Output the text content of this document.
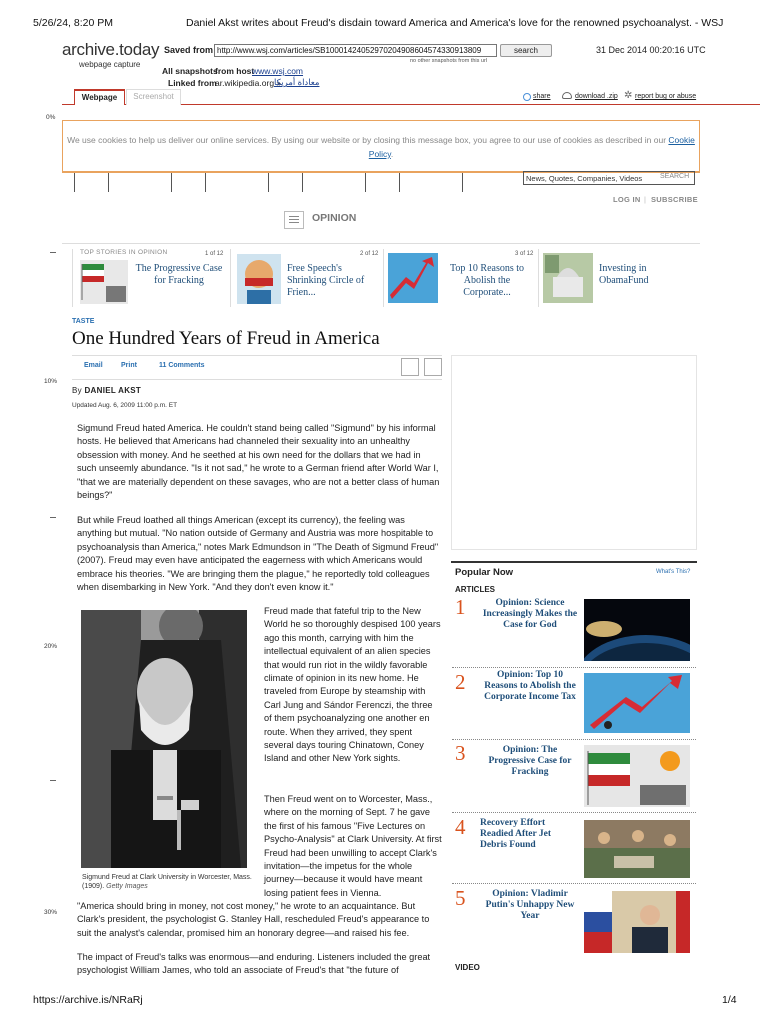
5/26/24, 8:20 PM	Daniel Akst writes about Freud's disdain toward America and America's love for the renowned psychoanalyst. - WSJ
archive.today
webpage capture
Saved from http://www.wsj.com/articles/SB10001424052970204908604574330913809	search
no other snapshots from this url
31 Dec 2014 00:20:16 UTC
All snapshots
from host
www.wsj.com
Linked from
ar.wikipedia.org »
معاداة أمريكا
Webpage	Screenshot	share	download .zip ✲ report bug or abuse
0%
10%
20%
30%
We use cookies to help us deliver our online services. By using our website or by closing this message box, you agree to our use of cookies as described in our Cookie Policy.
News, Quotes, Companies, Videos	SEARCH
LOG IN | SUBSCRIBE
OPINION
TOP STORIES IN OPINION	1 of 12
The Progressive Case for Fracking
2 of 12
Free Speech's Shrinking Circle of Frien...
3 of 12
Top 10 Reasons to Abolish the Corporate...
Investing in ObamaFund
TASTE
One Hundred Years of Freud in America
Email	Print	11 Comments
By DANIEL AKST
Updated Aug. 6, 2009 11:00 p.m. ET
Sigmund Freud hated America. He couldn't stand being called "Sigmund" by his informal hosts. He believed that Americans had channeled their sexuality into an unhealthy obsession with money. And he seethed at his own need for the dollars that we had in such unseemly abundance. "Is it not sad," he wrote to a German friend after World War I, "that we are materially dependent on these savages, who are not a better class of human beings?"
But while Freud loathed all things American (except its currency), the feeling was anything but mutual. "No nation outside of Germany and Austria was more hospitable to psychoanalysis than America," notes Mark Edmundson in "The Death of Sigmund Freud" (2007). Freud may even have anticipated the eagerness with which Americans would embrace his theories. "We are bringing them the plague," he reportedly told colleagues when disembarking in New York. "And they don't even know it."
Sigmund Freud at Clark University in Worcester, Mass. (1909). Getty Images
Freud made that fateful trip to the New World he so thoroughly despised 100 years ago this month, carrying with him the intellectual equivalent of an alien species that would run riot in the wildly favorable climate of opinion in its new home. He traveled from Europe by steamship with Carl Jung and Sándor Ferenczi, the three of them psychoanalyzing one another en route. When they arrived, they spent several days touring Chinatown, Coney Island and other New York sights.
Then Freud went on to Worcester, Mass., where on the morning of Sept. 7 he gave the first of his famous "Five Lectures on Psycho-Analysis" at Clark University. At first Freud had been unwilling to accept Clark's invitation—the impetus for the whole journey—because it would have meant losing patient fees in Vienna.
"America should bring in money, not cost money," he wrote to an acquaintance. But Clark's president, the psychologist G. Stanley Hall, rescheduled Freud's appearance to suit the analyst's calendar, promised him an honorary degree—and raised his fee.
The impact of Freud's talks was enormous—and enduring. Listeners included the great psychologist William James, who told an associate of Freud's that "the future of
Popular Now	What's This?
ARTICLES
1	Opinion: Science Increasingly Makes the Case for God
2	Opinion: Top 10 Reasons to Abolish the Corporate Income Tax
3	Opinion: The Progressive Case for Fracking
4 Recovery Effort Readied After Jet Debris Found
5	Opinion: Vladimir Putin's Unhappy New Year
VIDEO
https://archive.is/NRaRj	1/4
